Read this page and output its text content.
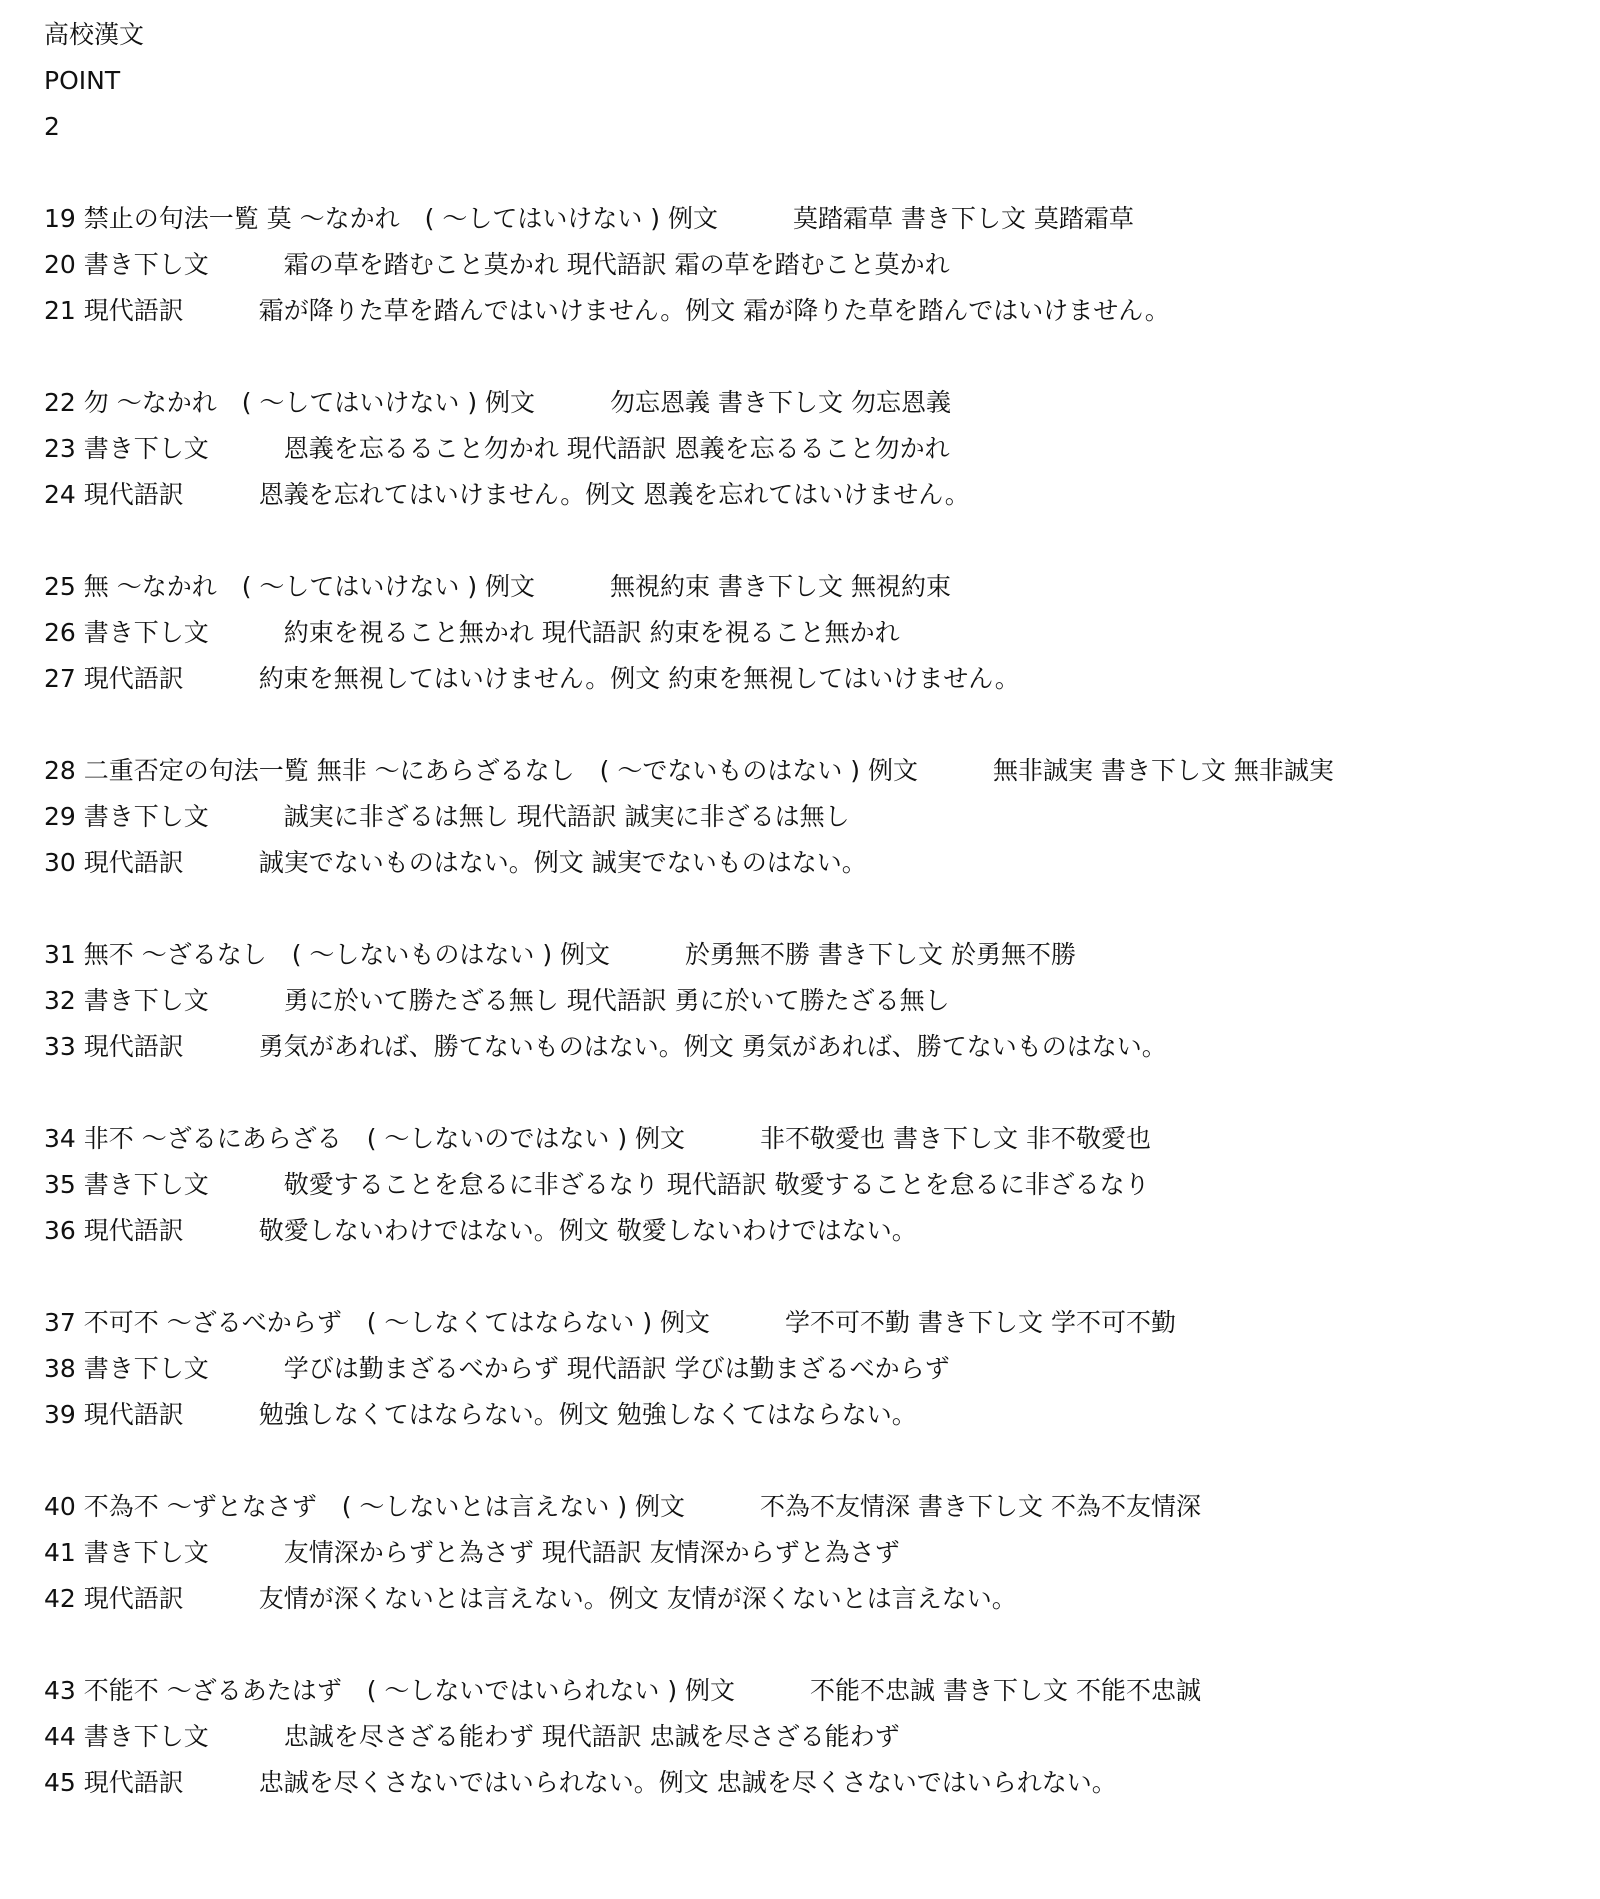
高校漢文
POINT
2
19 禁止の句法一覧 莫 〜なかれ　( 〜してはいけない ) 例文　　　莫踏霜草 書き下し文 莫踏霜草
20 書き下し文　　　霜の草を踏むこと莫かれ 現代語訳 霜の草を踏むこと莫かれ
21 現代語訳　　　霜が降りた草を踏んではいけません。例文 霜が降りた草を踏んではいけません。
22 勿 〜なかれ　( 〜してはいけない ) 例文　　　勿忘恩義 書き下し文 勿忘恩義
23 書き下し文　　　恩義を忘るること勿かれ 現代語訳 恩義を忘るること勿かれ
24 現代語訳　　　恩義を忘れてはいけません。例文 恩義を忘れてはいけません。
25 無 〜なかれ　( 〜してはいけない ) 例文　　　無視約束 書き下し文 無視約束
26 書き下し文　　　約束を視ること無かれ 現代語訳 約束を視ること無かれ
27 現代語訳　　　約束を無視してはいけません。例文 約束を無視してはいけません。
28 二重否定の句法一覧 無非 〜にあらざるなし　( 〜でないものはない ) 例文　　　無非誠実 書き下し文 無非誠実
29 書き下し文　　　誠実に非ざるは無し 現代語訳 誠実に非ざるは無し
30 現代語訳　　　誠実でないものはない。例文 誠実でないものはない。
31 無不 〜ざるなし　( 〜しないものはない ) 例文　　　於勇無不勝 書き下し文 於勇無不勝
32 書き下し文　　　勇に於いて勝たざる無し 現代語訳 勇に於いて勝たざる無し
33 現代語訳　　　勇気があれば、勝てないものはない。例文 勇気があれば、勝てないものはない。
34 非不 〜ざるにあらざる　( 〜しないのではない ) 例文　　　非不敬愛也 書き下し文 非不敬愛也
35 書き下し文　　　敬愛することを怠るに非ざるなり 現代語訳 敬愛することを怠るに非ざるなり
36 現代語訳　　　敬愛しないわけではない。例文 敬愛しないわけではない。
37 不可不 〜ざるべからず　( 〜しなくてはならない ) 例文　　　学不可不勤 書き下し文 学不可不勤
38 書き下し文　　　学びは勤まざるべからず 現代語訳 学びは勤まざるべからず
39 現代語訳　　　勉強しなくてはならない。例文 勉強しなくてはならない。
40 不為不 〜ずとなさず　( 〜しないとは言えない ) 例文　　　不為不友情深 書き下し文 不為不友情深
41 書き下し文　　　友情深からずと為さず 現代語訳 友情深からずと為さず
42 現代語訳　　　友情が深くないとは言えない。例文 友情が深くないとは言えない。
43 不能不 〜ざるあたはず　( 〜しないではいられない ) 例文　　　不能不忠誠 書き下し文 不能不忠誠
44 書き下し文　　　忠誠を尽さざる能わず 現代語訳 忠誠を尽さざる能わず
45 現代語訳　　　忠誠を尽くさないではいられない。例文 忠誠を尽くさないではいられない。
